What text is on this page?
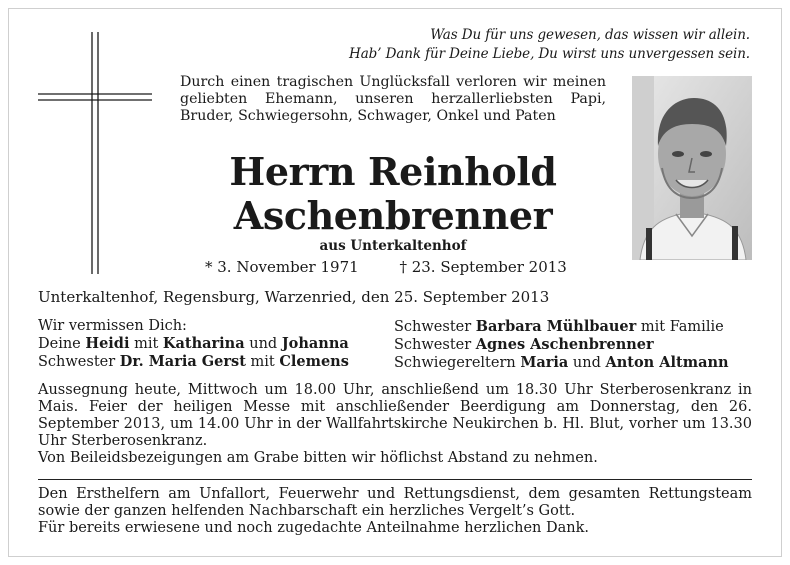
Was Du für uns gewesen, das wissen wir allein.
Hab’ Dank für Deine Liebe, Du wirst uns unvergessen sein.
Durch einen tragischen Unglücksfall verloren wir meinen geliebten Ehemann, unseren herzallerliebsten Papi, Bruder, Schwiegersohn, Schwager, Onkel und Paten
Herrn Reinhold
Aschenbrenner
aus Unterkaltenhof
* 3. November 1971	† 23. September 2013
Unterkaltenhof, Regensburg, Warzenried, den 25. September 2013
Wir vermissen Dich:
Deine Heidi mit Katharina und Johanna
Schwester Dr. Maria Gerst mit Clemens
Schwester Barbara Mühlbauer mit Familie
Schwester Agnes Aschenbrenner
Schwiegereltern Maria und Anton Altmann
Aussegnung heute, Mittwoch um 18.00 Uhr, anschließend um 18.30 Uhr Sterberosenkranz in Mais. Feier der heiligen Messe mit anschließender Beerdigung am Donnerstag, den 26. September 2013, um 14.00 Uhr in der Wallfahrtskirche Neukirchen b. Hl. Blut, vorher um 13.30 Uhr Sterberosenkranz.
Von Beileidsbezeigungen am Grabe bitten wir höflichst Abstand zu nehmen.
Den Ersthelfern am Unfallort, Feuerwehr und Rettungsdienst, dem gesamten Rettungsteam sowie der ganzen helfenden Nachbarschaft ein herzliches Vergelt’s Gott.
Für bereits erwiesene und noch zugedachte Anteilnahme herzlichen Dank.
